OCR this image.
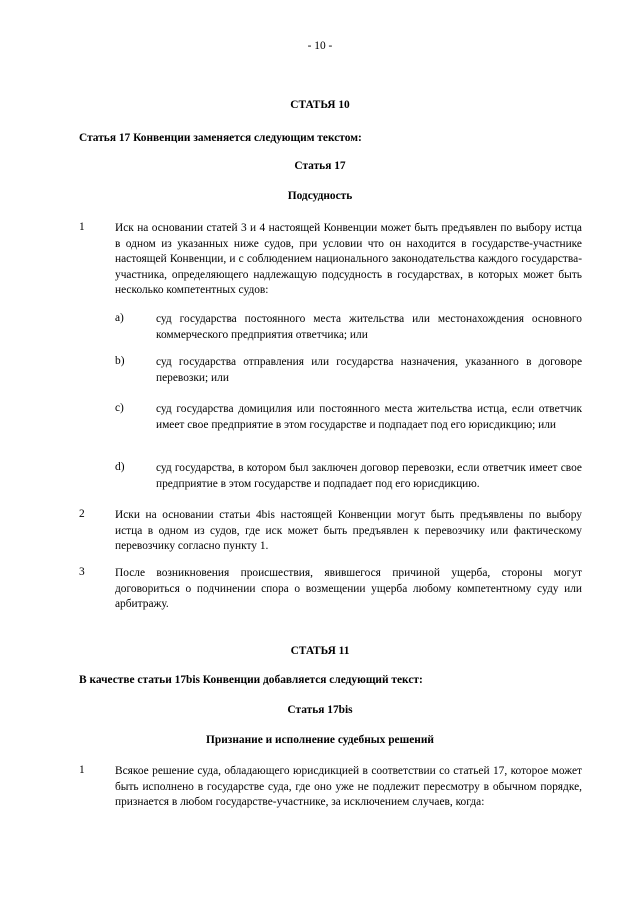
- 10 -
СТАТЬЯ 10
Статья 17 Конвенции заменяется следующим текстом:
Статья 17
Подсудность
1	Иск на основании статей 3 и 4 настоящей Конвенции может быть предъявлен по выбору истца в одном из указанных ниже судов, при условии что он находится в государстве-участнике настоящей Конвенции, и с соблюдением национального законодательства каждого государства-участника, определяющего надлежащую подсудность в государствах, в которых может быть несколько компетентных судов:
a)	суд государства постоянного места жительства или местонахождения основного коммерческого предприятия ответчика; или
b)	суд государства отправления или государства назначения, указанного в договоре перевозки; или
c)	суд государства домицилия или постоянного места жительства истца, если ответчик имеет свое предприятие в этом государстве и подпадает под его юрисдикцию; или
d)	суд государства, в котором был заключен договор перевозки, если ответчик имеет свое предприятие в этом государстве и подпадает под его юрисдикцию.
2	Иски на основании статьи 4bis настоящей Конвенции могут быть предъявлены по выбору истца в одном из судов, где иск может быть предъявлен к перевозчику или фактическому перевозчику согласно пункту 1.
3	После возникновения происшествия, явившегося причиной ущерба, стороны могут договориться о подчинении спора о возмещении ущерба любому компетентному суду или арбитражу.
СТАТЬЯ 11
В качестве статьи 17bis Конвенции добавляется следующий текст:
Статья 17bis
Признание и исполнение судебных решений
1	Всякое решение суда, обладающего юрисдикцией в соответствии со статьей 17, которое может быть исполнено в государстве суда, где оно уже не подлежит пересмотру в обычном порядке, признается в любом государстве-участнике, за исключением случаев, когда:
